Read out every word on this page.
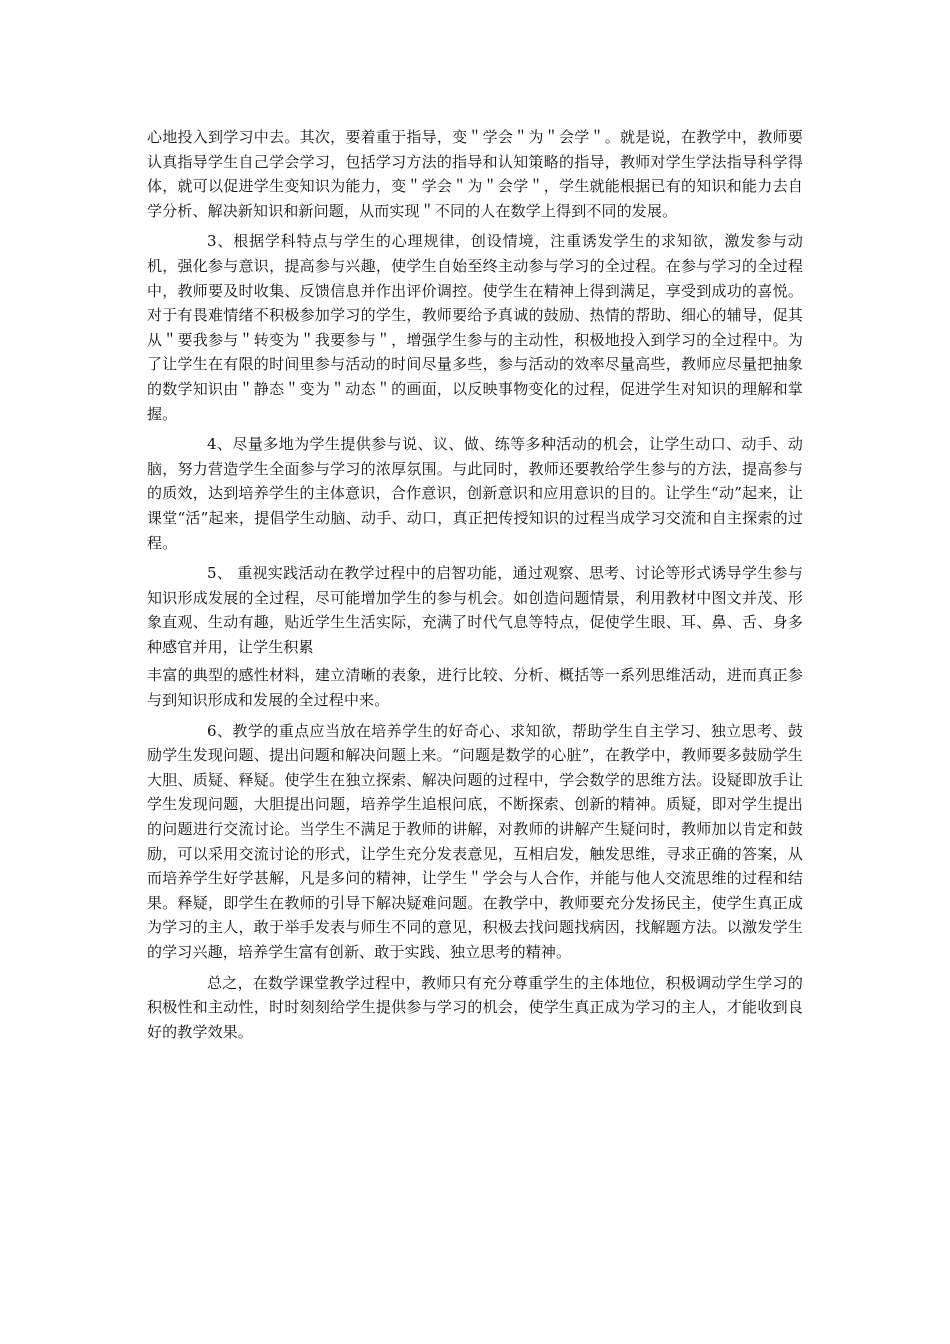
心地投入到学习中去。其次，要着重于指导，变＂学会＂为＂会学＂。就是说，在教学中，教师要认真指导学生自己学会学习，包括学习方法的指导和认知策略的指导，教师对学生学法指导科学得体，就可以促进学生变知识为能力，变＂学会＂为＂会学＂，学生就能根据已有的知识和能力去自学分析、解决新知识和新问题，从而实现＂不同的人在数学上得到不同的发展。

3、根据学科特点与学生的心理规律，创设情境，注重诱发学生的求知欲，激发参与动机，强化参与意识，提高参与兴趣，使学生自始至终主动参与学习的全过程。在参与学习的全过程中，教师要及时收集、反馈信息并作出评价调控。使学生在精神上得到满足，享受到成功的喜悦。对于有畏难情绪不积极参加学习的学生，教师要给予真诚的鼓励、热情的帮助、细心的辅导，促其从＂要我参与＂转变为＂我要参与＂，增强学生参与的主动性，积极地投入到学习的全过程中。为了让学生在有限的时间里参与活动的时间尽量多些，参与活动的效率尽量高些，教师应尽量把抽象的数学知识由＂静态＂变为＂动态＂的画面，以反映事物变化的过程，促进学生对知识的理解和掌握。

4、尽量多地为学生提供参与说、议、做、练等多种活动的机会，让学生动口、动手、动脑，努力营造学生全面参与学习的浓厚氛围。与此同时，教师还要教给学生参与的方法，提高参与的质效，达到培养学生的主体意识，合作意识，创新意识和应用意识的目的。让学生“动”起来，让课堂“活”起来，提倡学生动脑、动手、动口，真正把传授知识的过程当成学习交流和自主探索的过程。

5、 重视实践活动在教学过程中的启智功能，通过观察、思考、讨论等形式诱导学生参与知识形成发展的全过程，尽可能增加学生的参与机会。如创造问题情景，利用教材中图文并茂、形象直观、生动有趣，贴近学生生活实际，充满了时代气息等特点，促使学生眼、耳、鼻、舌、身多种感官并用，让学生积累

丰富的典型的感性材料，建立清晰的表象，进行比较、分析、概括等一系列思维活动，进而真正参与到知识形成和发展的全过程中来。

6、教学的重点应当放在培养学生的好奇心、求知欲，帮助学生自主学习、独立思考、鼓励学生发现问题、提出问题和解决问题上来。“问题是数学的心脏”，在教学中，教师要多鼓励学生大胆、质疑、释疑。使学生在独立探索、解决问题的过程中，学会数学的思维方法。设疑即放手让学生发现问题，大胆提出问题，培养学生追根问底，不断探索、创新的精神。质疑，即对学生提出的问题进行交流讨论。当学生不满足于教师的讲解，对教师的讲解产生疑问时，教师加以肯定和鼓励，可以采用交流讨论的形式，让学生充分发表意见，互相启发，触发思维，寻求正确的答案，从而培养学生好学甚解，凡是多问的精神，让学生＂学会与人合作，并能与他人交流思维的过程和结果。释疑，即学生在教师的引导下解决疑难问题。在教学中，教师要充分发扬民主，使学生真正成为学习的主人，敢于举手发表与师生不同的意见，积极去找问题找病因，找解题方法。以激发学生的学习兴趣，培养学生富有创新、敢于实践、独立思考的精神。

总之，在数学课堂教学过程中，教师只有充分尊重学生的主体地位，积极调动学生学习的积极性和主动性，时时刻刻给学生提供参与学习的机会，使学生真正成为学习的主人，才能收到良好的教学效果。
